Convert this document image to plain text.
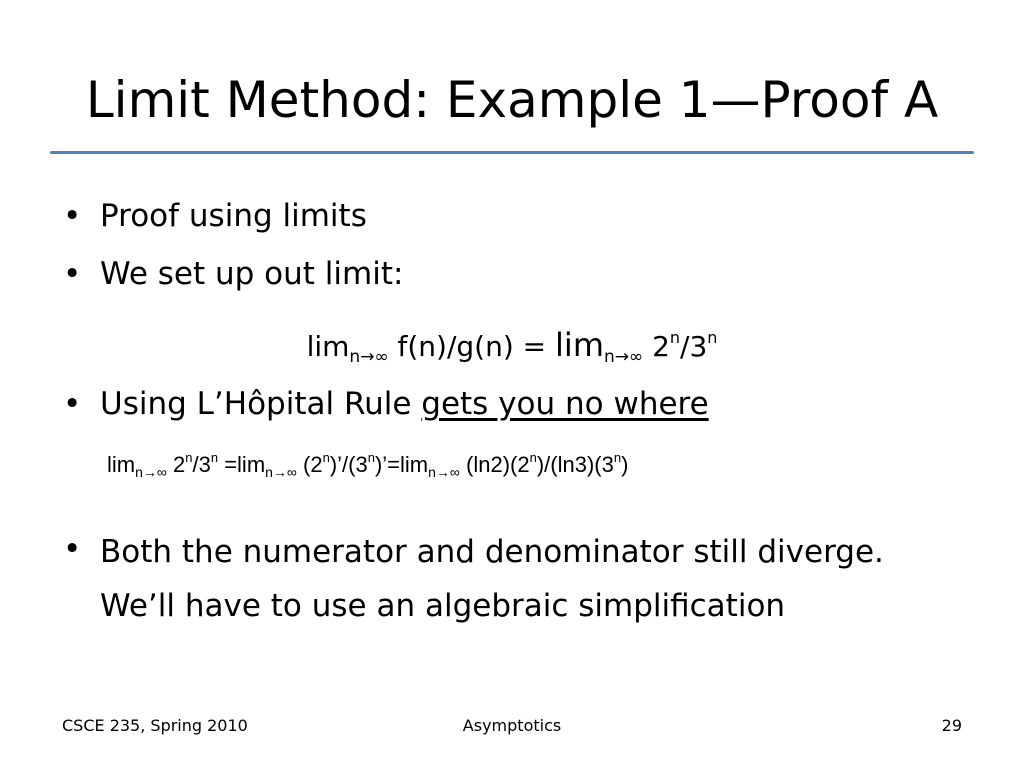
Limit Method: Example 1—Proof A
• Proof using limits
• We set up out limit:
$\lim_{n\to\infty} f(n)/g(n) = \lim_{n\to\infty} 2^n/3^n$
• Using L’Hôpital Rule gets you no where
$\lim_{n\to\infty} 2^n/3^n =\lim_{n\to\infty}$ $(2^n)’/(3^n)’=\lim_{n\to\infty}$ (ln2)(2$^n$)/(ln3)(3$^n$)
• Both the numerator and denominator still diverge. We’ll have to use an algebraic simplification
CSCE 235, Spring 2010	Asymptotics	29
